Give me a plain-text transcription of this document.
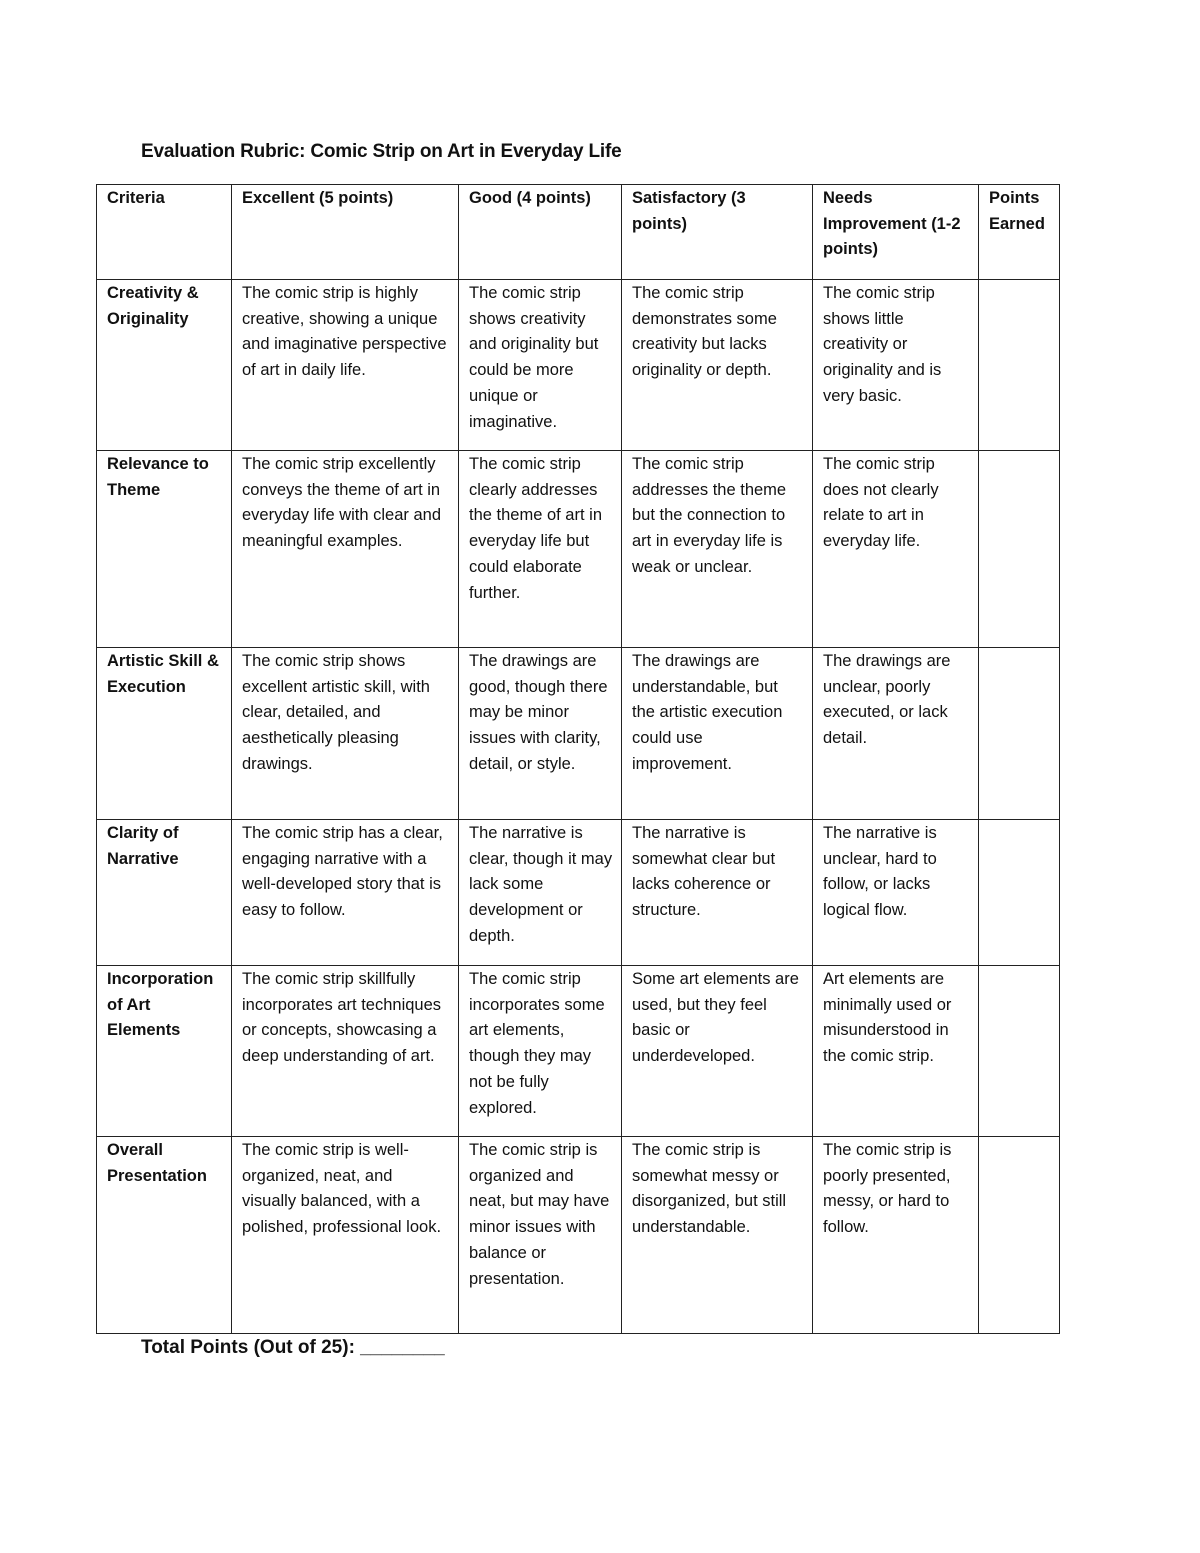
Evaluation Rubric: Comic Strip on Art in Everyday Life
Criteria	Excellent (5 points)	Good (4 points)	Satisfactory (3 points)	Needs Improvement (1-2 points)	Points Earned
Creativity & Originality	The comic strip is highly creative, showing a unique and imaginative perspective of art in daily life.	The comic strip shows creativity and originality but could be more unique or imaginative.	The comic strip demonstrates some creativity but lacks originality or depth.	The comic strip shows little creativity or originality and is very basic.	
Relevance to Theme	The comic strip excellently conveys the theme of art in everyday life with clear and meaningful examples.	The comic strip clearly addresses the theme of art in everyday life but could elaborate further.	The comic strip addresses the theme but the connection to art in everyday life is weak or unclear.	The comic strip does not clearly relate to art in everyday life.	
Artistic Skill & Execution	The comic strip shows excellent artistic skill, with clear, detailed, and aesthetically pleasing drawings.	The drawings are good, though there may be minor issues with clarity, detail, or style.	The drawings are understandable, but the artistic execution could use improvement.	The drawings are unclear, poorly executed, or lack detail.	
Clarity of Narrative	The comic strip has a clear, engaging narrative with a well-developed story that is easy to follow.	The narrative is clear, though it may lack some development or depth.	The narrative is somewhat clear but lacks coherence or structure.	The narrative is unclear, hard to follow, or lacks logical flow.	
Incorporation of Art Elements	The comic strip skillfully incorporates art techniques or concepts, showcasing a deep understanding of art.	The comic strip incorporates some art elements, though they may not be fully explored.	Some art elements are used, but they feel basic or underdeveloped.	Art elements are minimally used or misunderstood in the comic strip.	
Overall Presentation	The comic strip is well-organized, neat, and visually balanced, with a polished, professional look.	The comic strip is organized and neat, but may have minor issues with balance or presentation.	The comic strip is somewhat messy or disorganized, but still understandable.	The comic strip is poorly presented, messy, or hard to follow.	
Total Points (Out of 25): ________
